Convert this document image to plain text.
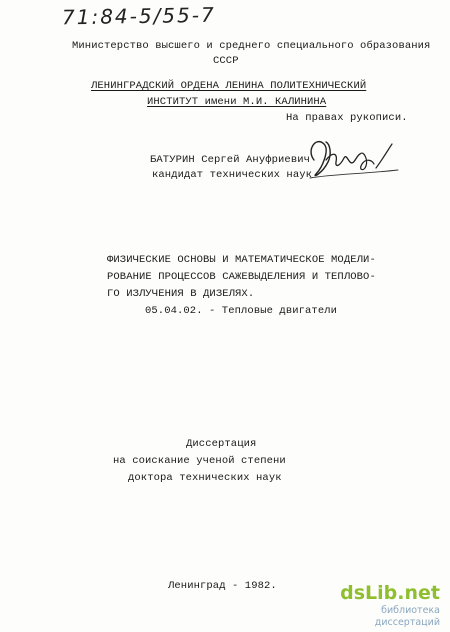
71:84-5/55-7
Министерство высшего и среднего специального образования
СССР
ЛЕНИНГРАДСКИЙ ОРДЕНА ЛЕНИНА ПОЛИТЕХНИЧЕСКИЙ
ИНСТИТУТ имени М.И. КАЛИНИНА
На правах рукописи.
БАТУРИН Сергей Ануфриевич
кандидат технических наук
ФИЗИЧЕСКИЕ ОСНОВЫ И МАТЕМАТИЧЕСКОЕ МОДЕЛИ-
РОВАНИЕ ПРОЦЕССОВ САЖЕВЫДЕЛЕНИЯ И ТЕПЛОВО-
ГО ИЗЛУЧЕНИЯ В ДИЗЕЛЯХ.
05.04.02. - Тепловые двигатели
Диссертация
на соискание ученой степени
доктора технических наук
Ленинград - 1982.	dsLib.net
библиотека диссертаций
